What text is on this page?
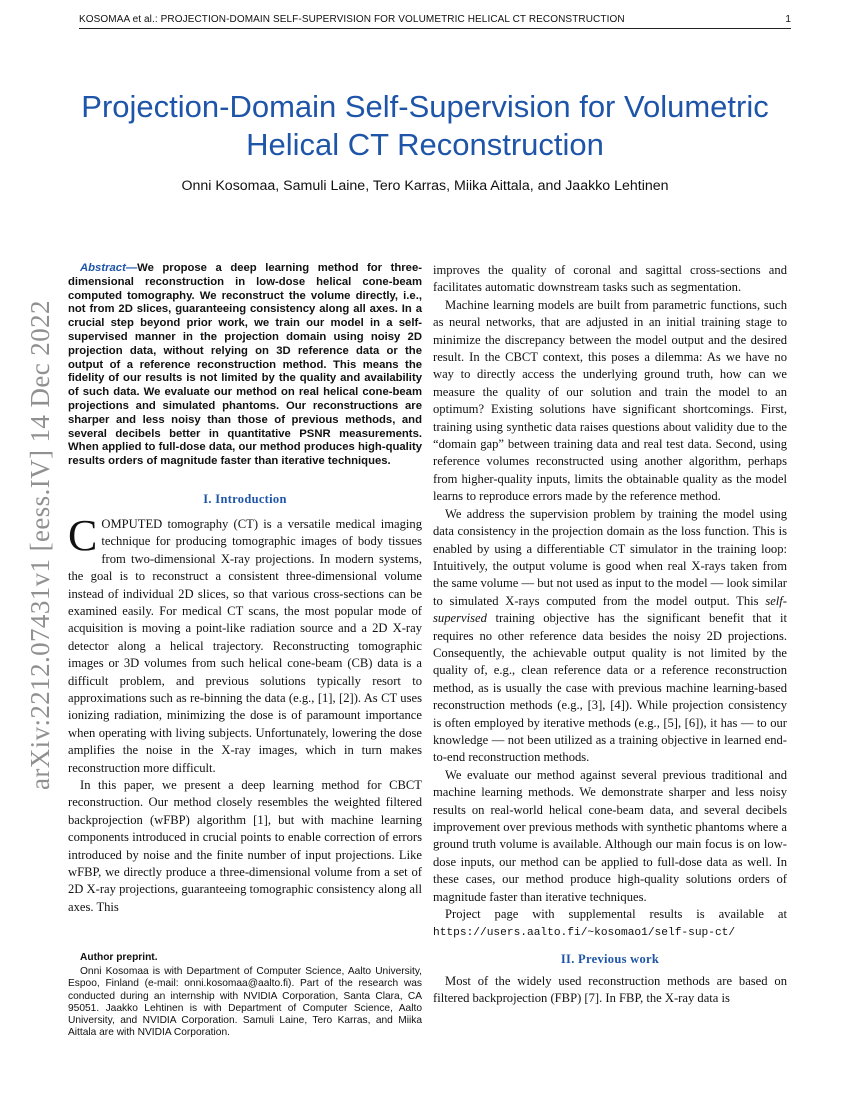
KOSOMAA et al.: PROJECTION-DOMAIN SELF-SUPERVISION FOR VOLUMETRIC HELICAL CT RECONSTRUCTION	1
arXiv:2212.07431v1 [eess.IV] 14 Dec 2022
Projection-Domain Self-Supervision for Volumetric Helical CT Reconstruction
Onni Kosomaa, Samuli Laine, Tero Karras, Miika Aittala, and Jaakko Lehtinen

Abstract—We propose a deep learning method for three-dimensional reconstruction in low-dose helical cone-beam computed tomography. We reconstruct the volume directly, i.e., not from 2D slices, guaranteeing consistency along all axes. In a crucial step beyond prior work, we train our model in a self-supervised manner in the projection domain using noisy 2D projection data, without relying on 3D reference data or the output of a reference reconstruction method. This means the fidelity of our results is not limited by the quality and availability of such data. We evaluate our method on real helical cone-beam projections and simulated phantoms. Our reconstructions are sharper and less noisy than those of previous methods, and several decibels better in quantitative PSNR measurements. When applied to full-dose data, our method produces high-quality results orders of magnitude faster than iterative techniques.

I. Introduction

COMPUTED tomography (CT) is a versatile medical imaging technique for producing tomographic images of body tissues from two-dimensional X-ray projections. In modern systems, the goal is to reconstruct a consistent three-dimensional volume instead of individual 2D slices, so that various cross-sections can be examined easily. For medical CT scans, the most popular mode of acquisition is moving a point-like radiation source and a 2D X-ray detector along a helical trajectory. Reconstructing tomographic images or 3D volumes from such helical cone-beam (CB) data is a difficult problem, and previous solutions typically resort to approximations such as re-binning the data (e.g., [1], [2]). As CT uses ionizing radiation, minimizing the dose is of paramount importance when operating with living subjects. Unfortunately, lowering the dose amplifies the noise in the X-ray images, which in turn makes reconstruction more difficult.

In this paper, we present a deep learning method for CBCT reconstruction. Our method closely resembles the weighted filtered backprojection (wFBP) algorithm [1], but with machine learning components introduced in crucial points to enable correction of errors introduced by noise and the finite number of input projections. Like wFBP, we directly produce a three-dimensional volume from a set of 2D X-ray projections, guaranteeing tomographic consistency along all axes. This

Author preprint.

Onni Kosomaa is with Department of Computer Science, Aalto University, Espoo, Finland (e-mail: onni.kosomaa@aalto.fi). Part of the research was conducted during an internship with NVIDIA Corporation, Santa Clara, CA 95051. Jaakko Lehtinen is with Department of Computer Science, Aalto University, and NVIDIA Corporation. Samuli Laine, Tero Karras, and Miika Aittala are with NVIDIA Corporation.

improves the quality of coronal and sagittal cross-sections and facilitates automatic downstream tasks such as segmentation.

Machine learning models are built from parametric functions, such as neural networks, that are adjusted in an initial training stage to minimize the discrepancy between the model output and the desired result. In the CBCT context, this poses a dilemma: As we have no way to directly access the underlying ground truth, how can we measure the quality of our solution and train the model to an optimum? Existing solutions have significant shortcomings. First, training using synthetic data raises questions about validity due to the “domain gap” between training data and real test data. Second, using reference volumes reconstructed using another algorithm, perhaps from higher-quality inputs, limits the obtainable quality as the model learns to reproduce errors made by the reference method.

We address the supervision problem by training the model using data consistency in the projection domain as the loss function. This is enabled by using a differentiable CT simulator in the training loop: Intuitively, the output volume is good when real X-rays taken from the same volume — but not used as input to the model — look similar to simulated X-rays computed from the model output. This self-supervised training objective has the significant benefit that it requires no other reference data besides the noisy 2D projections. Consequently, the achievable output quality is not limited by the quality of, e.g., clean reference data or a reference reconstruction method, as is usually the case with previous machine learning-based reconstruction methods (e.g., [3], [4]). While projection consistency is often employed by iterative methods (e.g., [5], [6]), it has — to our knowledge — not been utilized as a training objective in learned end-to-end reconstruction methods.

We evaluate our method against several previous traditional and machine learning methods. We demonstrate sharper and less noisy results on real-world helical cone-beam data, and several decibels improvement over previous methods with synthetic phantoms where a ground truth volume is available. Although our main focus is on low-dose inputs, our method can be applied to full-dose data as well. In these cases, our method produce high-quality solutions orders of magnitude faster than iterative techniques.

Project page with supplemental results is available at https://users.aalto.fi/~kosomao1/self-sup-ct/

II. Previous work

Most of the widely used reconstruction methods are based on filtered backprojection (FBP) [7]. In FBP, the X-ray data is
